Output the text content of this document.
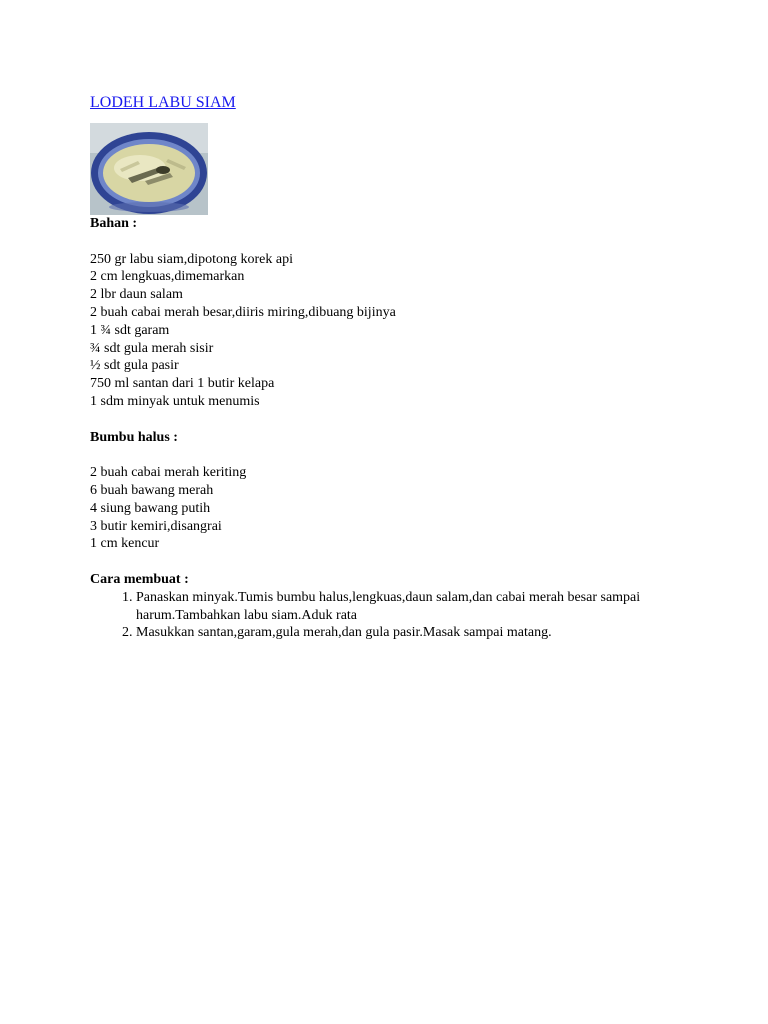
LODEH LABU SIAM

Bahan :

250 gr labu siam,dipotong korek api
2 cm lengkuas,dimemarkan
2 lbr daun salam
2 buah cabai merah besar,diiris miring,dibuang bijinya
1 ¾ sdt garam
¾ sdt gula merah sisir
½ sdt gula pasir
750 ml santan dari 1 butir kelapa
1 sdm minyak untuk menumis

Bumbu halus :

2 buah cabai merah keriting
6 buah bawang merah
4 siung bawang putih
3 butir kemiri,disangrai
1 cm kencur

Cara membuat :

1. Panaskan minyak.Tumis bumbu halus,lengkuas,daun salam,dan cabai merah besar sampai harum.Tambahkan labu siam.Aduk rata
2. Masukkan santan,garam,gula merah,dan gula pasir.Masak sampai matang.
